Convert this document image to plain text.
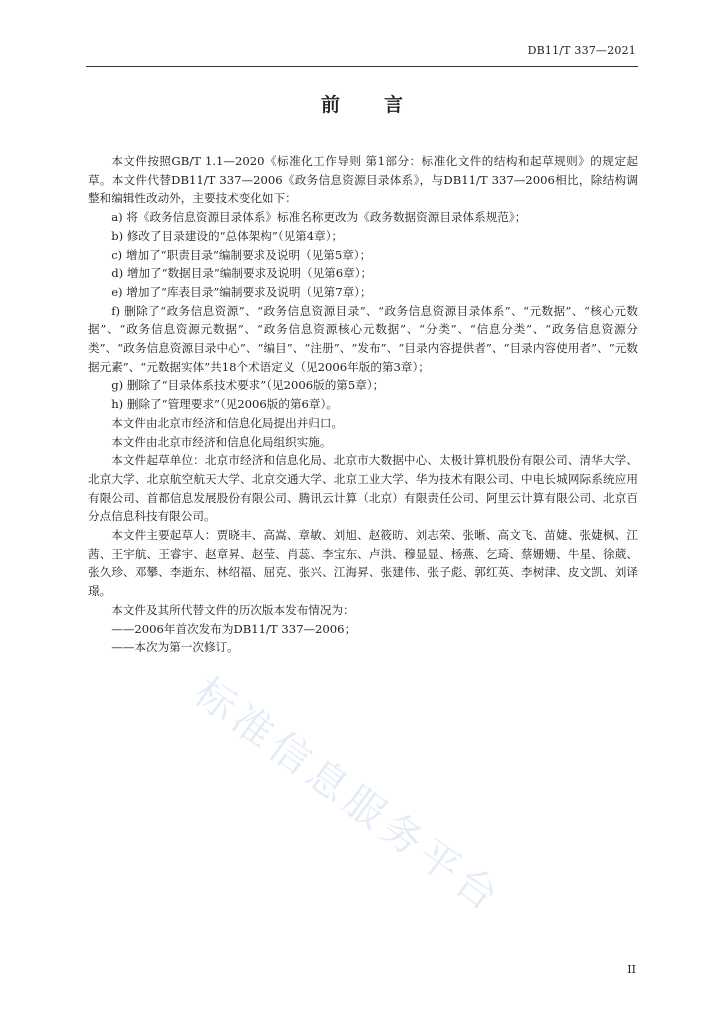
DB11/T 337—2021
前言

本文件按照GB/T 1.1—2020《标准化工作导则 第1部分：标准化文件的结构和起草规则》的规定起草。本文件代替DB11/T 337—2006《政务信息资源目录体系》，与DB11/T 337—2006相比，除结构调整和编辑性改动外，主要技术变化如下：

a) 将《政务信息资源目录体系》标准名称更改为《政务数据资源目录体系规范》；

b) 修改了目录建设的“总体架构”（见第4章）；

c) 增加了“职责目录”编制要求及说明（见第5章）；

d) 增加了“数据目录”编制要求及说明（见第6章）；

e) 增加了“库表目录”编制要求及说明（见第7章）；

f) 删除了“政务信息资源”、“政务信息资源目录”、“政务信息资源目录体系”、“元数据”、“核心元数据”、“政务信息资源元数据”、“政务信息资源核心元数据”、“分类”、“信息分类”、“政务信息资源分类”、“政务信息资源目录中心”、“编目”、“注册”、“发布”、“目录内容提供者”、“目录内容使用者”、“元数据元素”、“元数据实体”共18个术语定义（见2006年版的第3章）；

g) 删除了“目录体系技术要求”（见2006版的第5章）；

h) 删除了“管理要求”（见2006版的第6章）。

本文件由北京市经济和信息化局提出并归口。

本文件由北京市经济和信息化局组织实施。

本文件起草单位：北京市经济和信息化局、北京市大数据中心、太极计算机股份有限公司、清华大学、北京大学、北京航空航天大学、北京交通大学、北京工业大学、华为技术有限公司、中电长城网际系统应用有限公司、首都信息发展股份有限公司、腾讯云计算（北京）有限责任公司、阿里云计算有限公司、北京百分点信息科技有限公司。

本文件主要起草人：贾晓丰、高嵩、章敏、刘旭、赵筱昉、刘志荣、张晰、高文飞、苗婕、张婕枫、江茜、王宇航、王睿宇、赵章昇、赵莹、肖蕊、李宝东、卢洪、穆显显、杨燕、乞琦、蔡姗姗、牛星、徐葳、张久珍、邓攀、李逝东、林绍福、屈克、张兴、江海昇、张建伟、张子彪、郭红英、李树津、皮文凯、刘译璟。

本文件及其所代替文件的历次版本发布情况为：

——2006年首次发布为DB11/T 337—2006；

——本次为第一次修订。

标准信息服务平台
II
